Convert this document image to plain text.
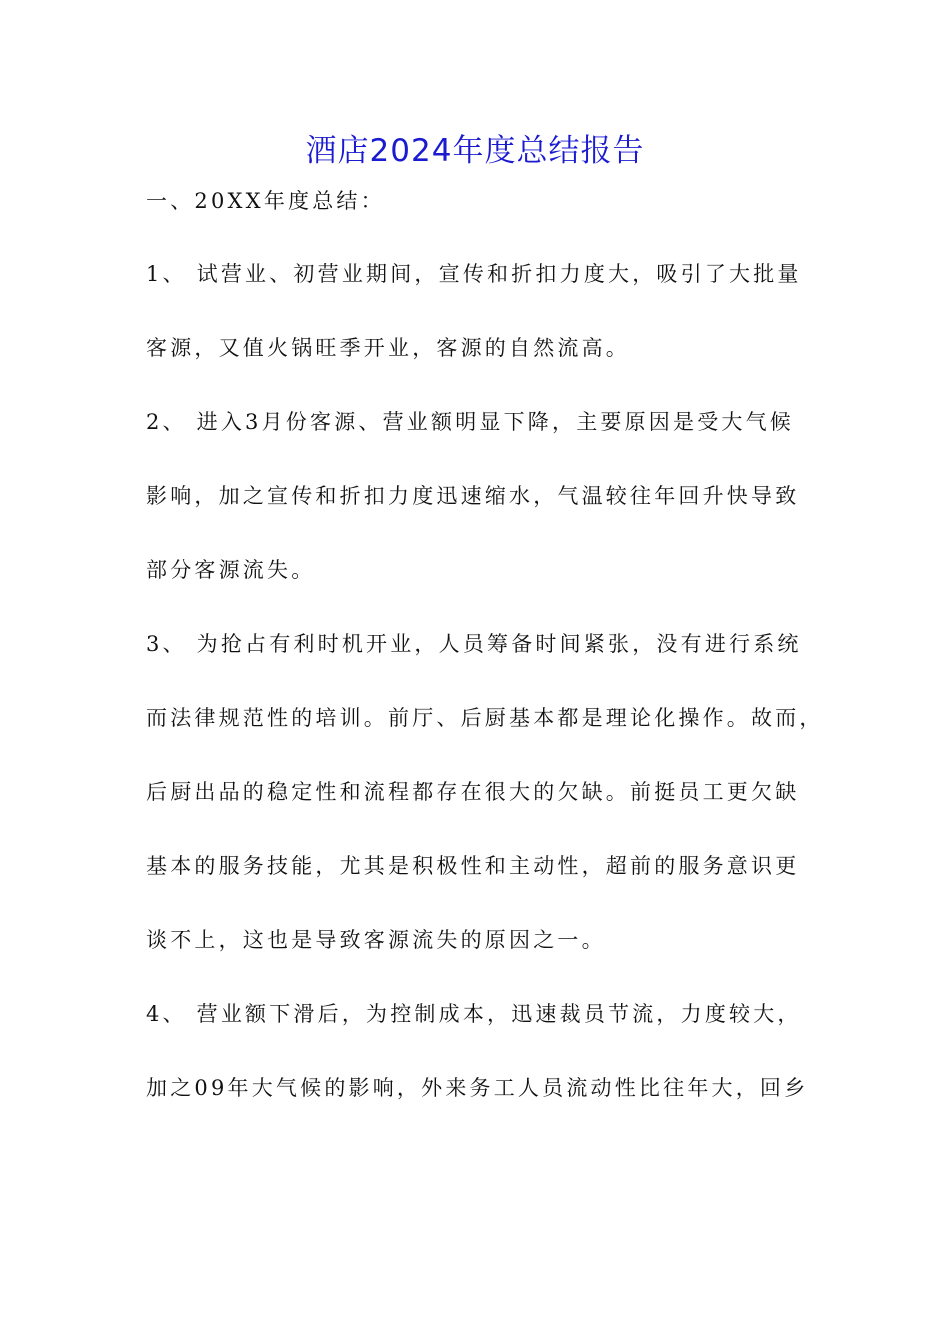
酒店2024年度总结报告

一、20XX年度总结：

1、 试营业、初营业期间，宣传和折扣力度大，吸引了大批量

客源，又值火锅旺季开业，客源的自然流高。

2、 进入3月份客源、营业额明显下降，主要原因是受大气候

影响，加之宣传和折扣力度迅速缩水，气温较往年回升快导致

部分客源流失。

3、 为抢占有利时机开业，人员筹备时间紧张，没有进行系统

而法律规范性的培训。前厅、后厨基本都是理论化操作。故而，

后厨出品的稳定性和流程都存在很大的欠缺。前挺员工更欠缺

基本的服务技能，尤其是积极性和主动性，超前的服务意识更

谈不上，这也是导致客源流失的原因之一。

4、 营业额下滑后，为控制成本，迅速裁员节流，力度较大，

加之09年大气候的影响，外来务工人员流动性比往年大，回乡
